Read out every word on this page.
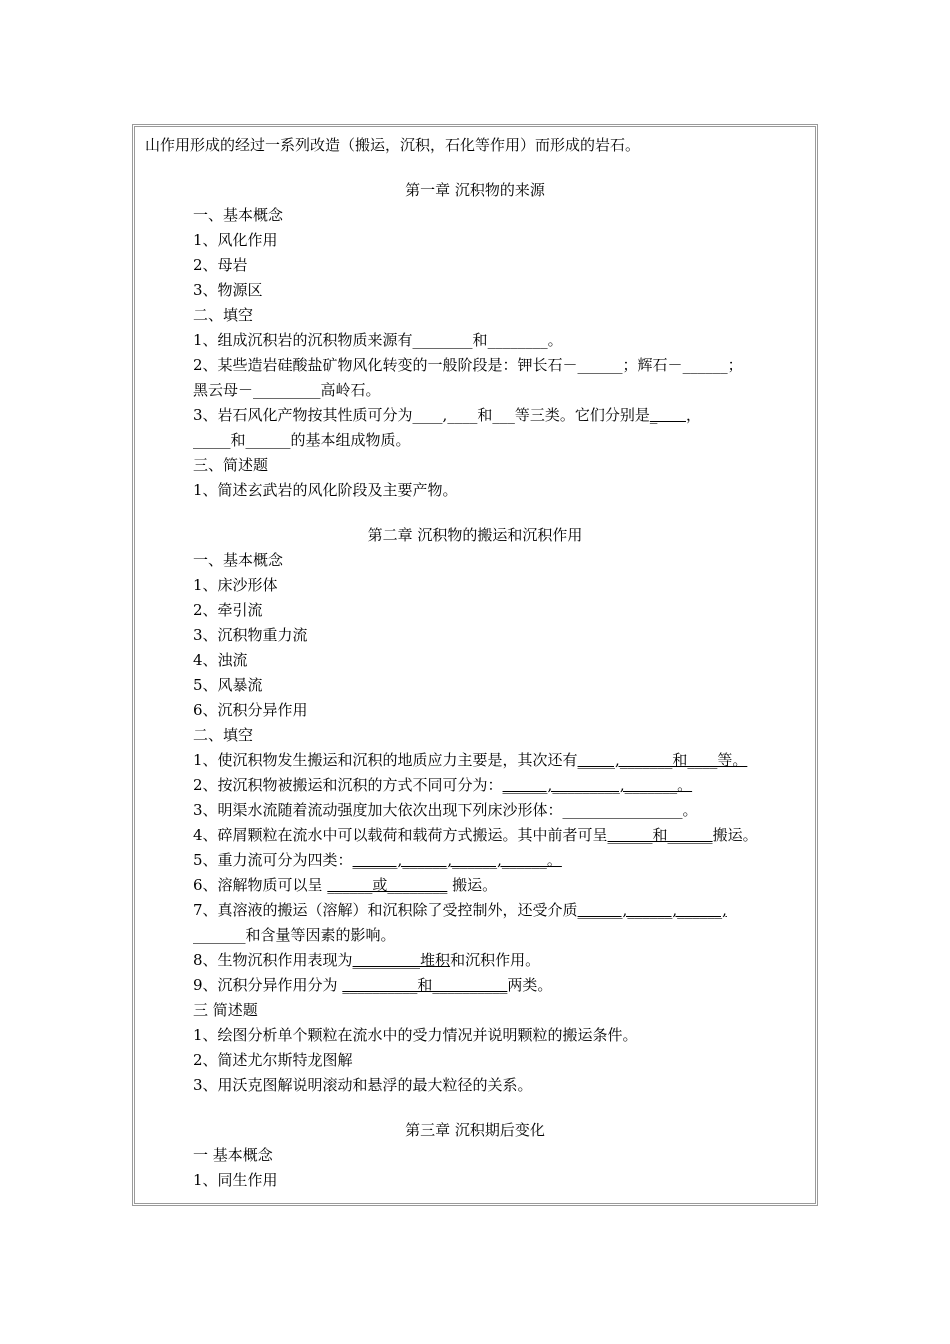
山作用形成的经过一系列改造（搬运，沉积，石化等作用）而形成的岩石。
第一章 沉积物的来源
一、基本概念
1、风化作用
2、母岩
3、物源区
二、填空
1、组成沉积岩的沉积物质来源有________和________。
2、某些造岩硅酸盐矿物风化转变的一般阶段是：钾长石－______；辉石－______；
黑云母－_________高岭石。
3、岩石风化产物按其性质可分为____,____和___等三类。它们分别是_      ，
_____和______的基本组成物质。
三、简述题
1、简述玄武岩的风化阶段及主要产物。
第二章 沉积物的搬运和沉积作用
一、基本概念
1、床沙形体
2、牵引流
3、沉积物重力流
4、浊流
5、风暴流
6、沉积分异作用
二、填空
1、使沉积物发生搬运和沉积的地质应力主要是，其次还有_____,_______和____等。
2、按沉积物被搬运和沉积的方式不同可分为：______,_________,_______。
3、明渠水流随着流动强度加大依次出现下列床沙形体：________________。
4、碎屑颗粒在流水中可以载荷和载荷方式搬运。其中前者可呈______和______搬运。
5、重力流可分为四类：______,______,______,______。
6、溶解物质可以呈 ______或________ 搬运。
7、真溶液的搬运（溶解）和沉积除了受控制外，还受介质______,______,______,
_______和含量等因素的影响。
8、生物沉积作用表现为_________堆积和沉积作用。
9、沉积分异作用分为 __________和__________两类。
三 简述题
1、绘图分析单个颗粒在流水中的受力情况并说明颗粒的搬运条件。
2、简述尤尔斯特龙图解
3、用沃克图解说明滚动和悬浮的最大粒径的关系。
第三章 沉积期后变化
一 基本概念
1、同生作用
